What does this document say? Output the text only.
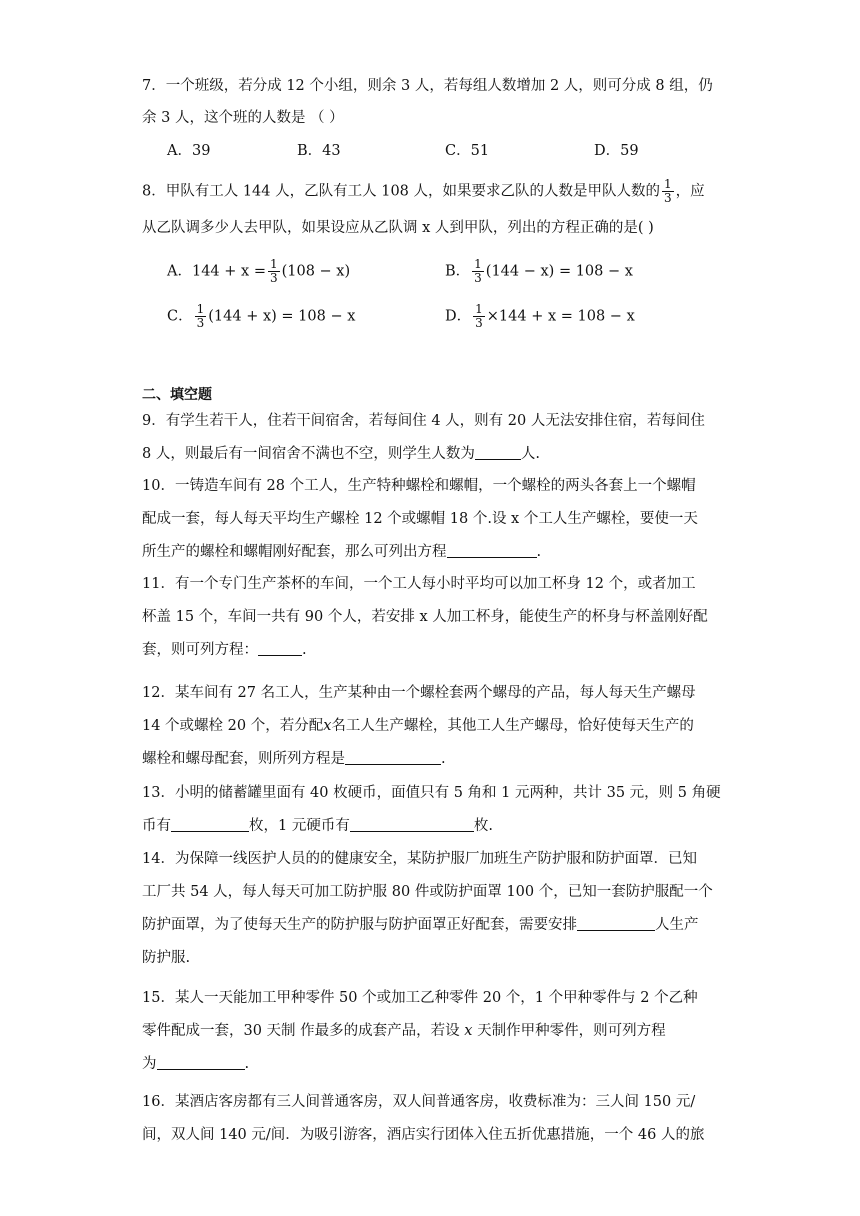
7．一个班级，若分成 12 个小组，则余 3 人，若每组人数增加 2 人，则可分成 8 组，仍
余 3 人，这个班的人数是 （ ）
A．39	B．43	C．51	D．59
8．甲队有工人 144 人，乙队有工人 108 人，如果要求乙队的人数是甲队人数的 $\frac{1}{3}$ ，应
从乙队调多少人去甲队，如果设应从乙队调 x 人到甲队，列出的方程正确的是( )
A．$144 + x = \frac{1}{3} (108 - x)$	B． $\frac{1}{3} (144 - x) = 108 - x$
C． $\frac{1}{3} (144 + x) = 108 - x$	D． $\frac{1}{3} \times 144 + x = 108 - x$
二、填空题
9．有学生若干人，住若干间宿舍，若每间住 4 人，则有 20 人无法安排住宿，若每间住
8 人，则最后有一间宿舍不满也不空，则学生人数为	人.
10．一铸造车间有 28 个工人，生产特种螺栓和螺帽，一个螺栓的两头各套上一个螺帽
配成一套，每人每天平均生产螺栓 12 个或螺帽 18 个.设 x 个工人生产螺栓，要使一天
所生产的螺栓和螺帽刚好配套，那么可列出方程	.
11．有一个专门生产茶杯的车间，一个工人每小时平均可以加工杯身 12 个，或者加工
杯盖 15 个，车间一共有 90 个人，若安排 x 人加工杯身，能使生产的杯身与杯盖刚好配
套，则可列方程：	.
12．某车间有 27 名工人，生产某种由一个螺栓套两个螺母的产品，每人每天生产螺母
14 个或螺栓 20 个，若分配x名工人生产螺栓，其他工人生产螺母，恰好使每天生产的
螺栓和螺母配套，则所列方程是	.
13．小明的储蓄罐里面有 40 枚硬币，面值只有 5 角和 1 元两种，共计 35 元，则 5 角硬
币有	枚，1 元硬币有	枚.
14．为保障一线医护人员的的健康安全，某防护服厂加班生产防护服和防护面罩．已知
工厂共 54 人，每人每天可加工防护服 80 件或防护面罩 100 个，已知一套防护服配一个
防护面罩，为了使每天生产的防护服与防护面罩正好配套，需要安排	人生产
防护服.
15．某人一天能加工甲种零件 50 个或加工乙种零件 20 个，1 个甲种零件与 2 个乙种
零件配成一套，30 天制 作最多的成套产品，若设 x 天制作甲种零件，则可列方程
为	.
16．某酒店客房都有三人间普通客房，双人间普通客房，收费标准为：三人间 150 元/
间，双人间 140 元/间．为吸引游客，酒店实行团体入住五折优惠措施，一个 46 人的旅
